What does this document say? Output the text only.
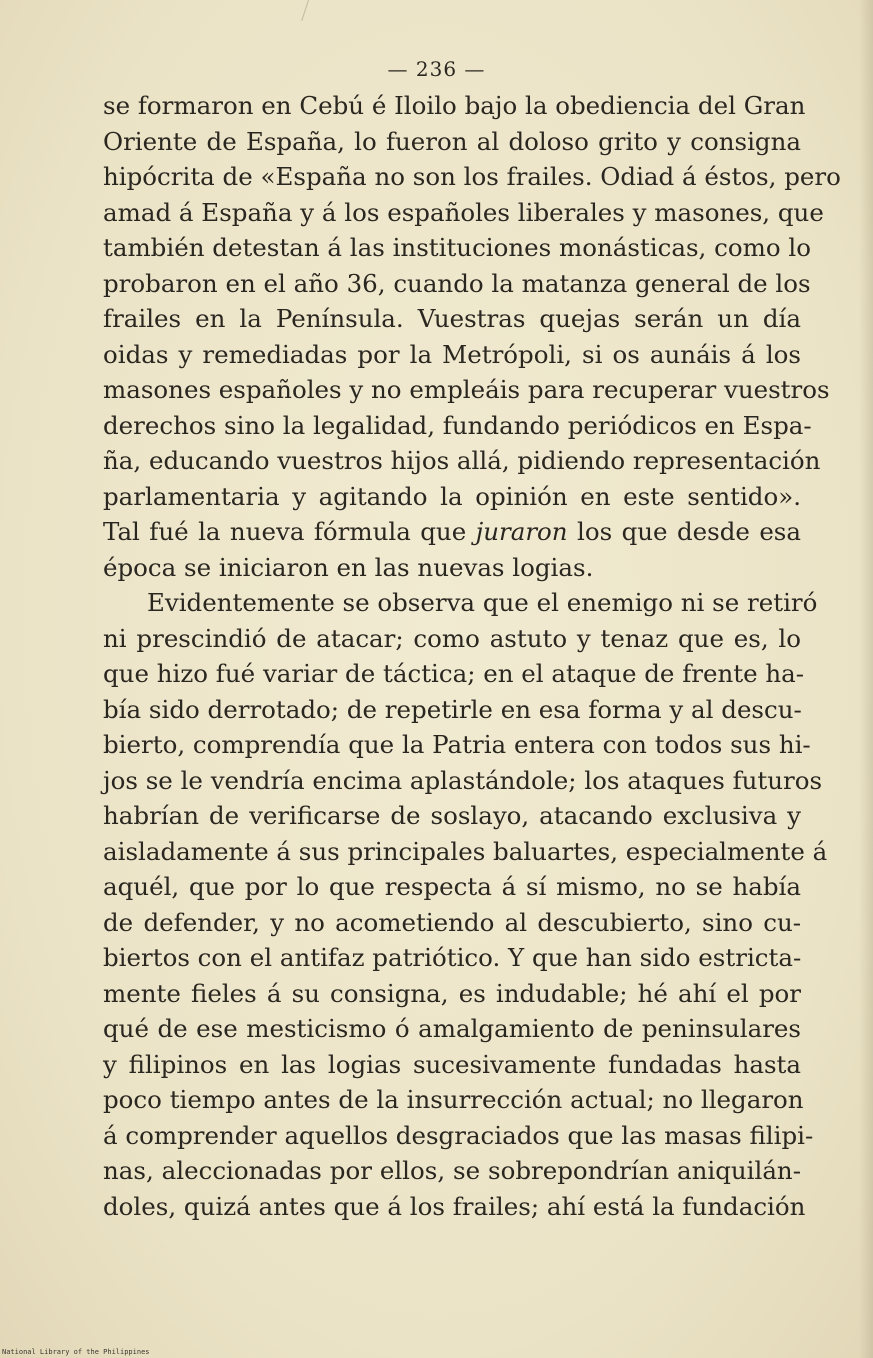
— 236 —
se formaron en Cebú é Iloilo bajo la obediencia del Gran
Oriente de España, lo fueron al doloso grito y consigna
hipócrita de «España no son los frailes. Odiad á éstos, pero
amad á España y á los españoles liberales y masones, que
también detestan á las instituciones monásticas, como lo
probaron en el año 36, cuando la matanza general de los
frailes en la Península. Vuestras quejas serán un día
oidas y remediadas por la Metrópoli, si os aunáis á los
masones españoles y no empleáis para recuperar vuestros
derechos sino la legalidad, fundando periódicos en Espa-
ña, educando vuestros hijos allá, pidiendo representación
parlamentaria y agitando la opinión en este sentido».
Tal fué la nueva fórmula que juraron los que desde esa
época se iniciaron en las nuevas logias.
Evidentemente se observa que el enemigo ni se retiró
ni prescindió de atacar; como astuto y tenaz que es, lo
que hizo fué variar de táctica; en el ataque de frente ha-
bía sido derrotado; de repetirle en esa forma y al descu-
bierto, comprendía que la Patria entera con todos sus hi-
jos se le vendría encima aplastándole; los ataques futuros
habrían de verificarse de soslayo, atacando exclusiva y
aisladamente á sus principales baluartes, especialmente á
aquél, que por lo que respecta á sí mismo, no se había
de defender, y no acometiendo al descubierto, sino cu-
biertos con el antifaz patriótico. Y que han sido estricta-
mente fieles á su consigna, es indudable; hé ahí el por
qué de ese mesticismo ó amalgamiento de peninsulares
y filipinos en las logias sucesivamente fundadas hasta
poco tiempo antes de la insurrección actual; no llegaron
á comprender aquellos desgraciados que las masas filipi-
nas, aleccionadas por ellos, se sobrepondrían aniquilán-
doles, quizá antes que á los frailes; ahí está la fundación
National Library of the Philippines
